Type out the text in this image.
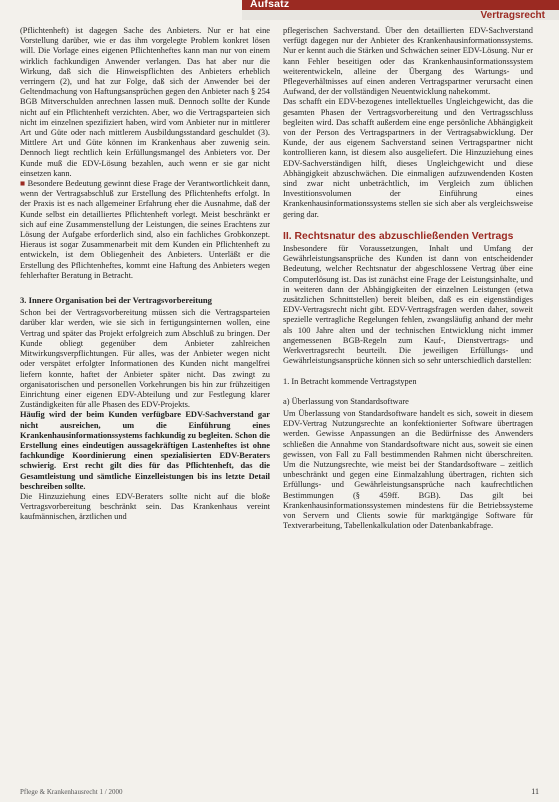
Aufsatz
Vertragsrecht

(Pflichtenheft) ist dagegen Sache des Anbieters. Nur er hat eine Vorstellung darüber, wie er das ihm vorgelegte Problem konkret lösen will. Die Vorlage eines eigenen Pflichtenheftes kann man nur von einem wirklich fachkundigen Anwender verlangen. Das hat aber nur die Wirkung, daß sich die Hinweispflichten des Anbieters erheblich verringern (2), und hat zur Folge, daß sich der Anwender bei der Geltendmachung von Haftungsansprüchen gegen den Anbieter nach § 254 BGB Mitverschulden anrechnen lassen muß. Dennoch sollte der Kunde nicht auf ein Pflichtenheft verzichten. Aber, wo die Vertragsparteien sich nicht im einzelnen spezifiziert haben, wird vom Anbieter nur in mittlerer Art und Güte oder nach mittlerem Ausbildungsstandard geschuldet (3). Mittlere Art und Güte können im Krankenhaus aber zuwenig sein. Dennoch liegt rechtlich kein Erfüllungsmangel des Anbieters vor. Der Kunde muß die EDV-Lösung bezahlen, auch wenn er sie gar nicht einsetzen kann.

■ Besondere Bedeutung gewinnt diese Frage der Verantwortlichkeit dann, wenn der Vertragsabschluß zur Erstellung des Pflichtenhefts erfolgt. In der Praxis ist es nach allgemeiner Erfahrung eher die Ausnahme, daß der Kunde selbst ein detailliertes Pflichtenheft vorlegt. Meist beschränkt er sich auf eine Zusammenstellung der Leistungen, die seines Erachtens zur Lösung der Aufgabe erforderlich sind, also ein fachliches Grobkonzept. Hieraus ist sogar Zusammenarbeit mit dem Kunden ein Pflichtenheft zu entwickeln, ist dem Obliegenheit des Anbieters. Unterläßt er die Erstellung des Pflichtenheftes, kommt eine Haftung des Anbieters wegen fehlerhafter Beratung in Betracht.

3. Innere Organisation bei der Vertragsvorbereitung

Schon bei der Vertragsvorbereitung müssen sich die Vertragsparteien darüber klar werden, wie sie sich in fertigungsinternen wollen, eine Vertrag und später das Projekt erfolgreich zum Abschluß zu bringen. Der Kunde obliegt gegenüber dem Anbieter zahlreichen Mitwirkungsverpflichtungen. Für alles, was der Anbieter wegen nicht oder verspätet erfolgter Informationen des Kunden nicht mangelfrei liefern konnte, haftet der Anbieter später nicht. Das zwingt zu organisatorischen und personellen Vorkehrungen bis hin zur frühzeitigen Einrichtung einer eigenen EDV-Abteilung und zur Festlegung klarer Zuständigkeiten für alle Phasen des EDV-Projekts.

Häufig wird der beim Kunden verfügbare EDV-Sachverstand gar nicht ausreichen, um die Einführung eines Krankenhausinformationssystems fachkundig zu begleiten. Schon die Erstellung eines eindeutigen aussagekräftigen Lastenheftes ist ohne fachkundige Koordinierung einen spezialisierten EDV-Beraters schwierig. Erst recht gilt dies für das Pflichtenheft, das die Gesamtleistung und sämtliche Einzelleistungen bis ins letzte Detail beschreiben sollte.

Die Hinzuziehung eines EDV-Beraters sollte nicht auf die bloße Vertragsvorbereitung beschränkt sein. Das Krankenhaus vereint kaufmännischen, ärztlichen und

pflegerischen Sachverstand. Über den detaillierten EDV-Sachverstand verfügt dagegen nur der Anbieter des Krankenhausinformationssystems. Nur er kennt auch die Stärken und Schwächen seiner EDV-Lösung. Nur er kann Fehler beseitigen oder das Krankenhausinformationssystem weiterentwickeln, alleine der Übergang des Wartungs- und Pflegeverhältnisses auf einen anderen Vertragspartner verursacht einen Aufwand, der der vollständigen Neuentwicklung nahekommt.

Das schafft ein EDV-bezogenes intellektuelles Ungleichgewicht, das die gesamten Phasen der Vertragsvorbereitung und den Vertragsschluss begleiten wird. Das schafft außerdem eine enge persönliche Abhängigkeit von der Person des Vertragspartners in der Vertragsabwicklung. Der Kunde, der aus eigenem Sachverstand seinen Vertragspartner nicht kontrollieren kann, ist diesem also ausgeliefert. Die Hinzuziehung eines EDV-Sachverständigen hilft, dieses Ungleichgewicht und diese Abhängigkeit abzuschwächen. Die einmaligen aufzuwendenden Kosten sind zwar nicht unbeträchtlich, im Vergleich zum üblichen Investitionsvolumen der Einführung eines Krankenhausinformationssystems stellen sie sich aber als vergleichsweise gering dar.

II. Rechtsnatur des abzuschließenden Vertrags

Insbesondere für Voraussetzungen, Inhalt und Umfang der Gewährleistungsansprüche des Kunden ist dann von entscheidender Bedeutung, welcher Rechtsnatur der abgeschlossene Vertrag über eine Computerlösung ist. Das ist zunächst eine Frage der Leistungsinhalte, und in weiteren dann der Abhängigkeiten der einzelnen Leistungen (etwa zusätzlichen Schnittstellen) bereit bleiben, daß es ein eigenständiges EDV-Vertragsrecht nicht gibt. EDV-Vertragsfragen werden daher, soweit spezielle vertragliche Regelungen fehlen, zwangsläufig anhand der mehr als 100 Jahre alten und der technischen Entwicklung nicht immer angemessenen BGB-Regeln zum Kauf-, Dienstvertrags- und Werkvertragsrecht beurteilt. Die jeweiligen Erfüllungs- und Gewährleistungsansprüche können sich so sehr unterschiedlich darstellen:

1. In Betracht kommende Vertragstypen
a) Überlassung von Standardsoftware

Um Überlassung von Standardsoftware handelt es sich, soweit in diesem EDV-Vertrag Nutzungsrechte an konfektionierter Software übertragen werden. Gewisse Anpassungen an die Bedürfnisse des Anwenders schließen die Annahme von Standardsoftware nicht aus, soweit sie einen gewissen, von Fall zu Fall bestimmenden Rahmen nicht überschreiten. Um die Nutzungsrechte, wie meist bei der Standardsoftware – zeitlich unbeschränkt und gegen eine Einmalzahlung übertragen, richten sich Erfüllungs- und Gewährleistungsansprüche nach kaufrechtlichen Bestimmungen (§ 459ff. BGB). Das gilt bei Krankenhausinformationssystemen mindestens für die Betriebssysteme von Servern und Clients sowie für marktgängige Software für Textverarbeitung, Tabellenkalkulation oder Datenbankabfrage.

Pflege & Krankenhausrecht 1 / 2000	11
